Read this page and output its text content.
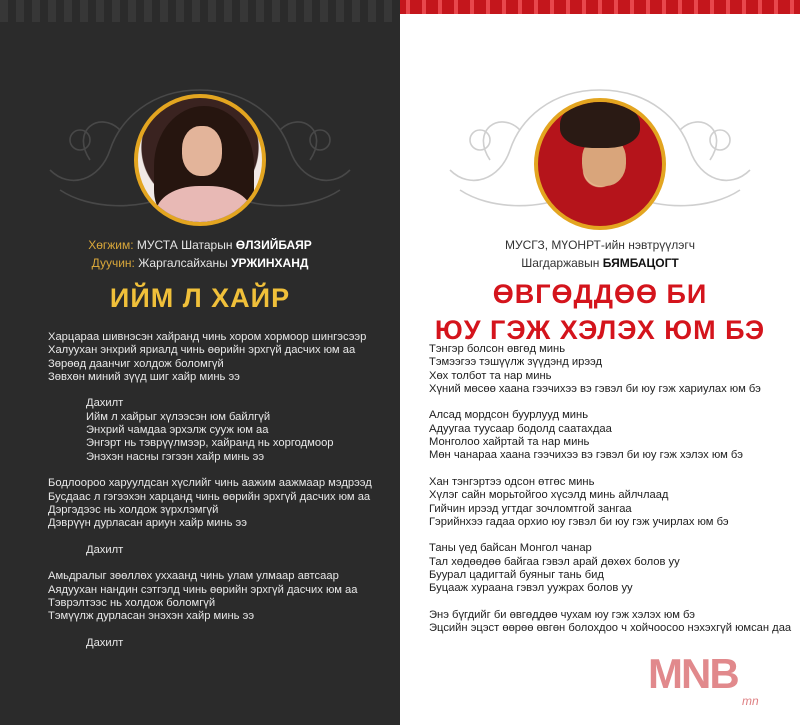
Хөгжим: МУСТА Шатарын ӨЛЗИЙБАЯР
Дуучин: Жаргалсайханы УРЖИНХАНД
ИЙМ Л ХАЙР
Харцараа шивнэсэн хайранд чинь хором хормоор шингэсээр
Халуухан энхрий яриалд чинь өөрийн эрхгүй дасчих юм аа
Зөрөөд даанчиг холдож боломгүй
Зөвхөн миний зүүд шиг хайр минь ээ
Дахилт
Ийм л хайрыг хүлээсэн юм байлгүй
Энхрий чамдаа эрхэлж сууж юм аа
Энгэрт нь тэврүүлмээр, хайранд нь хоргодмоор
Энэхэн насны гэгээн хайр минь ээ
Бодлоороо харуулдсан хүслийг чинь аажим аажмаар мэдрээд
Бусдаас л гэгээхэн харцанд чинь өөрийн эрхгүй дасчих юм аа
Дэргэдээс нь холдож зүрхлэмгүй
Дэврүүн дурласан ариун хайр минь ээ
Дахилт
Амьдралыг зөөллөх уххаанд чинь улам улмаар автсаар
Аядуухан нандин сэтгэлд чинь өөрийн эрхгүй дасчих юм аа
Тэврэлтээс нь холдож боломгүй
Тэмүүлж дурласан энэхэн хайр минь ээ
Дахилт
МУСГЗ, МҮОНРТ-ийн нэвтрүүлэгч
Шагдаржавын БЯМБАЦОГТ
ӨВГӨДДӨӨ БИ
ЮУ ГЭЖ ХЭЛЭХ ЮМ БЭ
Тэнгэр болсон өвгөд минь
Тэмээгээ тэшүүлж зүүдэнд ирээд
Хөх толбот та нар минь
Хүний мөсөө хаана гээчихээ вэ гэвэл би юу гэж хариулах юм бэ
Алсад мордсон буурлууд минь
Адуугаа туусаар бодолд саатахдаа
Монголоо хайртай та нар минь
Мөн чанараа хаана гээчихээ вэ гэвэл би юу гэж хэлэх юм бэ
Хан тэнгэртээ одсон өтгөс минь
Хүлэг сайн морьтойгоо хүсэлд минь айлчлаад
Гийчин ирээд угтдаг зочломтгой зангаа
Гэрийнхээ гадаа орхио юу гэвэл би юу гэж учирлах юм бэ
Таны үед байсан Монгол чанар
Тал хөдөөдөө байгаа гэвэл арай дөхөх болов уу
Буурал цадигтай буяныг тань бид
Буцааж хураана гэвэл уужрах болов уу
Энэ бүгдийг би өвгөддөө чухам юу гэж хэлэх юм бэ
Эцсийн эцэст өөрөө өвгөн болохдоо ч хойчоосоо нэхэхгүй юмсан даа
MNB
mn
